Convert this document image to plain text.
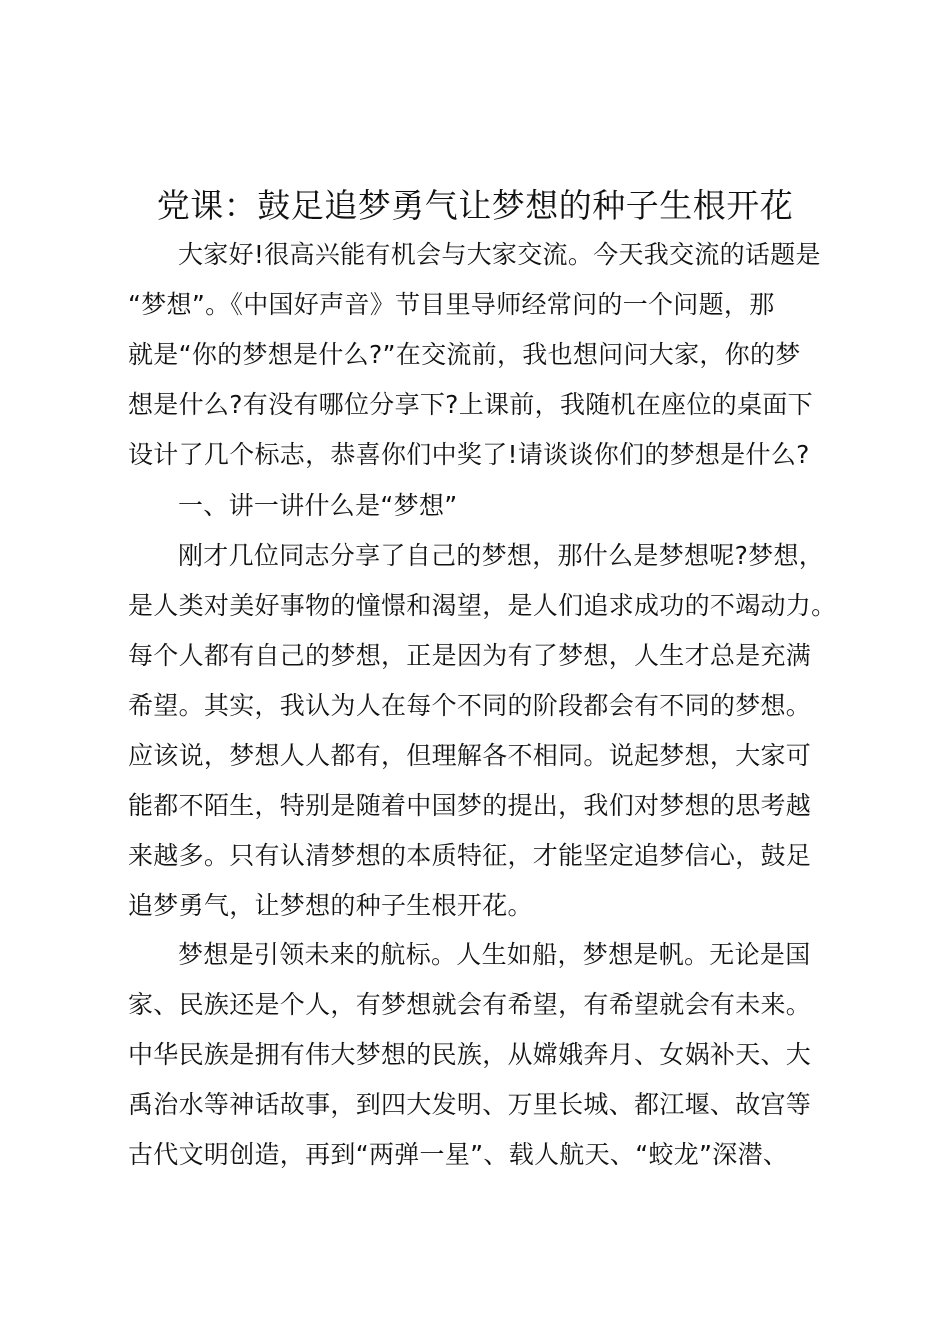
党课：鼓足追梦勇气让梦想的种子生根开花
大家好!很高兴能有机会与大家交流。今天我交流的话题是
“梦想”。《中国好声音》节目里导师经常问的一个问题，那
就是“你的梦想是什么?”在交流前，我也想问问大家，你的梦
想是什么?有没有哪位分享下?上课前，我随机在座位的桌面下
设计了几个标志，恭喜你们中奖了!请谈谈你们的梦想是什么?
一、讲一讲什么是“梦想”
刚才几位同志分享了自己的梦想，那什么是梦想呢?梦想，
是人类对美好事物的憧憬和渴望，是人们追求成功的不竭动力。
每个人都有自己的梦想，正是因为有了梦想，人生才总是充满
希望。其实，我认为人在每个不同的阶段都会有不同的梦想。
应该说，梦想人人都有，但理解各不相同。说起梦想，大家可
能都不陌生，特别是随着中国梦的提出，我们对梦想的思考越
来越多。只有认清梦想的本质特征，才能坚定追梦信心，鼓足
追梦勇气，让梦想的种子生根开花。
梦想是引领未来的航标。人生如船，梦想是帆。无论是国
家、民族还是个人，有梦想就会有希望，有希望就会有未来。
中华民族是拥有伟大梦想的民族，从嫦娥奔月、女娲补天、大
禹治水等神话故事，到四大发明、万里长城、都江堰、故宫等
古代文明创造，再到“两弹一星”、载人航天、“蛟龙”深潜、
